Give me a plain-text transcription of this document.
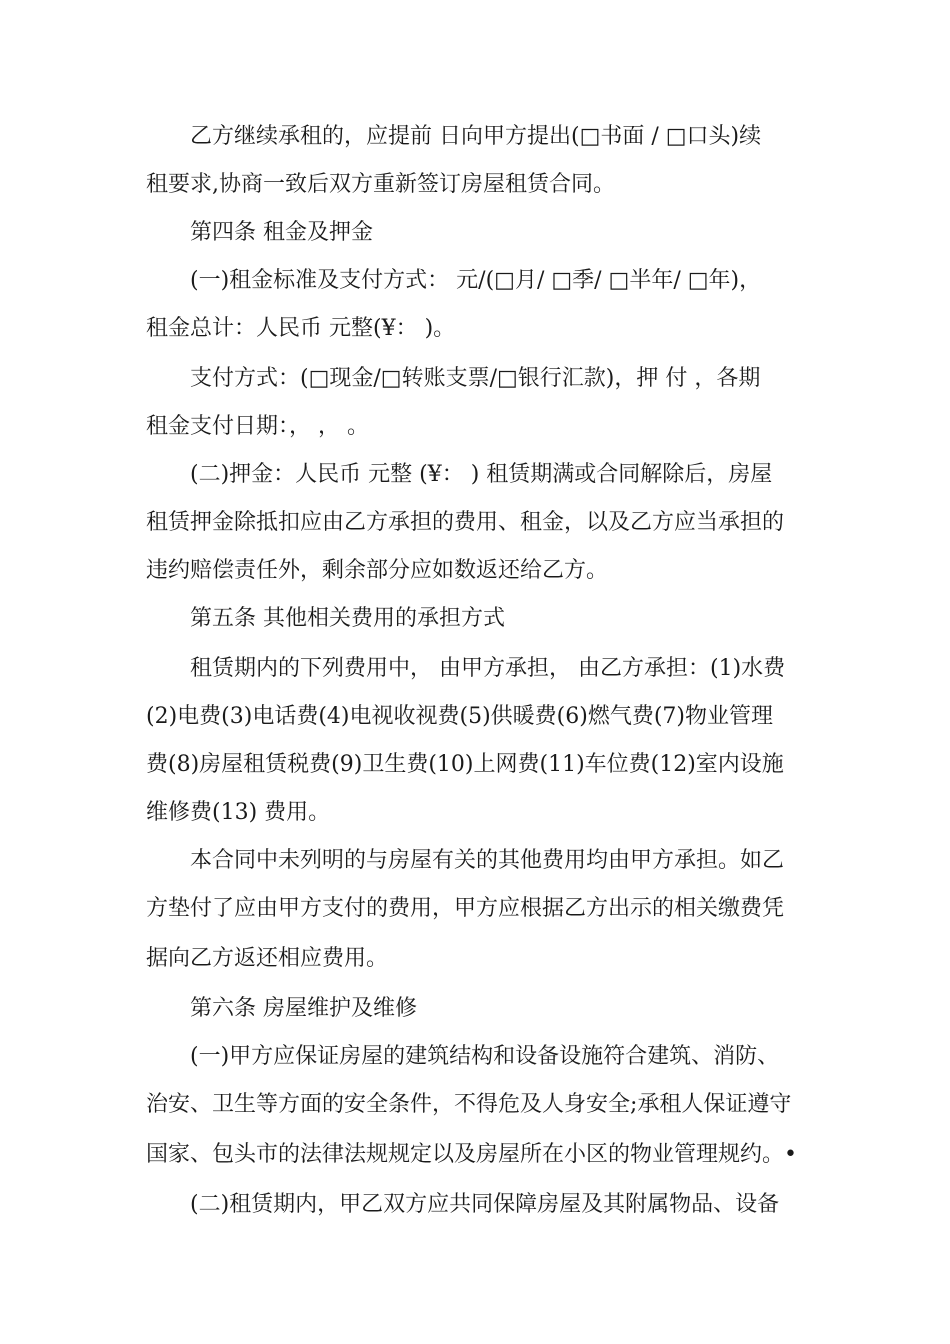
乙方继续承租的，应提前 日向甲方提出(□书面 / □口头)续
租要求,协商一致后双方重新签订房屋租赁合同。
第四条 租金及押金
(一)租金标准及支付方式： 元/(□月/ □季/ □半年/ □年)，
租金总计：人民币 元整(¥： )。
支付方式：(□现金/□转账支票/□银行汇款)，押 付 ，各期
租金支付日期：， ， 。
(二)押金：人民币 元整 (¥： ) 租赁期满或合同解除后，房屋
租赁押金除抵扣应由乙方承担的费用、租金，以及乙方应当承担的
违约赔偿责任外，剩余部分应如数返还给乙方。
第五条 其他相关费用的承担方式
租赁期内的下列费用中， 由甲方承担， 由乙方承担：(1)水费
(2)电费(3)电话费(4)电视收视费(5)供暖费(6)燃气费(7)物业管理
费(8)房屋租赁税费(9)卫生费(10)上网费(11)车位费(12)室内设施
维修费(13) 费用。
本合同中未列明的与房屋有关的其他费用均由甲方承担。如乙
方垫付了应由甲方支付的费用，甲方应根据乙方出示的相关缴费凭
据向乙方返还相应费用。
第六条 房屋维护及维修
(一)甲方应保证房屋的建筑结构和设备设施符合建筑、消防、
治安、卫生等方面的安全条件，不得危及人身安全;承租人保证遵守
国家、包头市的法律法规规定以及房屋所在小区的物业管理规约。•
(二)租赁期内，甲乙双方应共同保障房屋及其附属物品、设备
